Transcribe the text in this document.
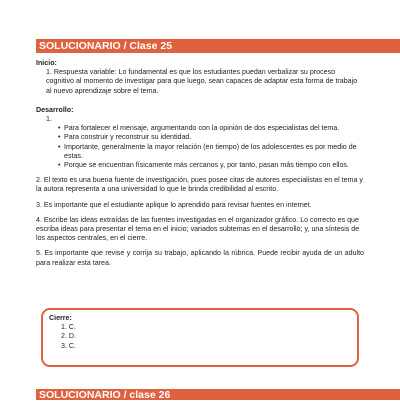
SOLUCIONARIO / Clase 25

Inicio:

1. Respuesta variable: Lo fundamental es que los estudiantes puedan verbalizar su proceso cognitivo al momento de investigar para que luego, sean capaces de adaptar esta forma de trabajo al nuevo aprendizaje sobre el tema.

Desarrollo:

1.

• Para fortalecer el mensaje, argumentando con la opinión de dos especialistas del tema.
• Para construir y reconstruir su identidad.
• Importante, generalmente la mayor relación (en tiempo) de los adolescentes es por medio de estas.
• Porque se encuentran físicamente más cercanos y, por tanto, pasan más tiempo con ellos.

2. El texto es una buena fuente de investigación, pues posee citas de autores especialistas en el tema y la autora representa a una universidad lo que le brinda credibilidad al escrito.

3. Es importante que el estudiante aplique lo aprendido para revisar fuentes en internet.

4. Escribe las ideas extraídas de las fuentes investigadas en el organizador gráfico. Lo correcto es que escriba ideas para presentar el tema en el inicio; variados subtemas en el desarrollo; y, una síntesis de los aspectos centrales, en el cierre.

5. Es importante que revise y corrija su trabajo, aplicando la rúbrica. Puede recibir ayuda de un adulto para realizar esta tarea.

Cierre:

1. C.
2. D.
3. C.
SOLUCIONARIO / clase 26
